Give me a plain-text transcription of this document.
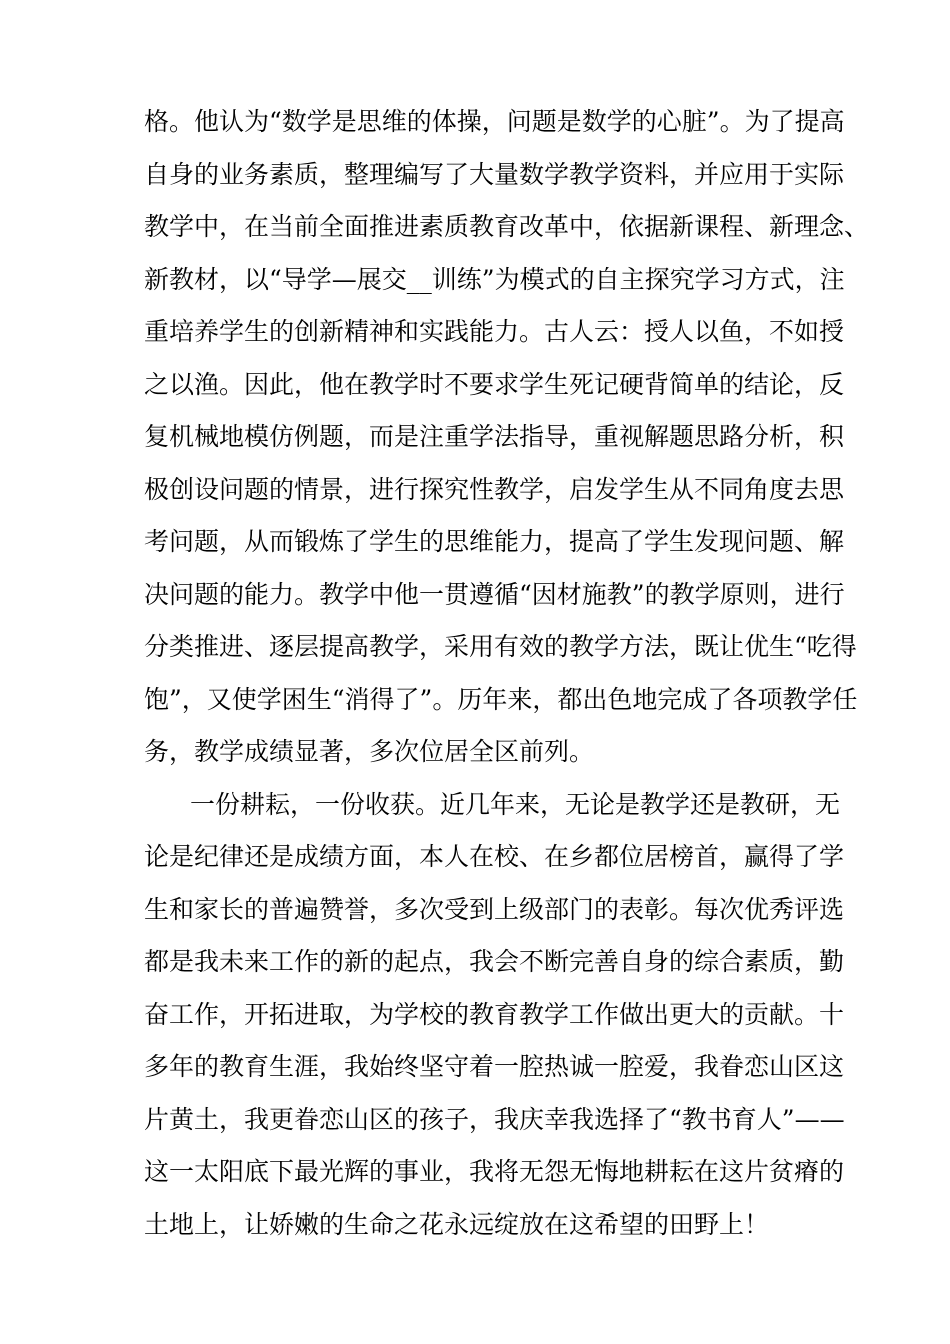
格。他认为“数学是思维的体操，问题是数学的心脏”。为了提高
自身的业务素质，整理编写了大量数学教学资料，并应用于实际
教学中，在当前全面推进素质教育改革中，依据新课程、新理念、
新教材，以“导学—展交__训练”为模式的自主探究学习方式，注
重培养学生的创新精神和实践能力。古人云：授人以鱼，不如授
之以渔。因此，他在教学时不要求学生死记硬背简单的结论，反
复机械地模仿例题，而是注重学法指导，重视解题思路分析，积
极创设问题的情景，进行探究性教学，启发学生从不同角度去思
考问题，从而锻炼了学生的思维能力，提高了学生发现问题、解
决问题的能力。教学中他一贯遵循“因材施教”的教学原则，进行
分类推进、逐层提高教学，采用有效的教学方法，既让优生“吃得
饱”，又使学困生“消得了”。历年来，都出色地完成了各项教学任
务，教学成绩显著，多次位居全区前列。
一份耕耘，一份收获。近几年来，无论是教学还是教研，无
论是纪律还是成绩方面，本人在校、在乡都位居榜首，赢得了学
生和家长的普遍赞誉，多次受到上级部门的表彰。每次优秀评选
都是我未来工作的新的起点，我会不断完善自身的综合素质，勤
奋工作，开拓进取，为学校的教育教学工作做出更大的贡献。十
多年的教育生涯，我始终坚守着一腔热诚一腔爱，我眷恋山区这
片黄土，我更眷恋山区的孩子，我庆幸我选择了“教书育人”——
这一太阳底下最光辉的事业，我将无怨无悔地耕耘在这片贫瘠的
土地上，让娇嫩的生命之花永远绽放在这希望的田野上！
